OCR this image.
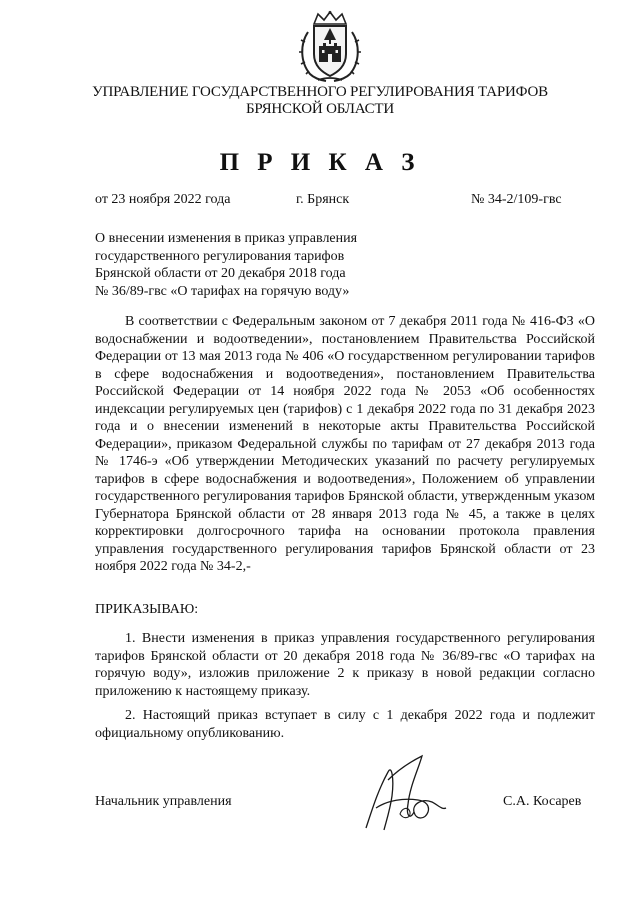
УПРАВЛЕНИЕ ГОСУДАРСТВЕННОГО РЕГУЛИРОВАНИЯ ТАРИФОВ
БРЯНСКОЙ ОБЛАСТИ
П Р И К А З
от 23 ноября 2022 года	г. Брянск	№ 34-2/109-гвс
О внесении изменения в приказ управления
государственного регулирования тарифов
Брянской области от 20 декабря 2018 года
№ 36/89-гвс «О тарифах на горячую воду»
В соответствии с Федеральным законом от 7 декабря 2011 года № 416-ФЗ «О водоснабжении и водоотведении», постановлением Правительства Российской Федерации от 13 мая 2013 года № 406 «О государственном регулировании тарифов в сфере водоснабжения и водоотведения», постановлением Правительства Российской Федерации от 14 ноября 2022 года № 2053 «Об особенностях индексации регулируемых цен (тарифов) с 1 декабря 2022 года по 31 декабря 2023 года и о внесении изменений в некоторые акты Правительства Российской Федерации», приказом Федеральной службы по тарифам от 27 декабря 2013 года № 1746-э «Об утверждении Методических указаний по расчету регулируемых тарифов в сфере водоснабжения и водоотведения», Положением об управлении государственного регулирования тарифов Брянской области, утвержденным указом Губернатора Брянской области от 28 января 2013 года № 45, а также в целях корректировки долгосрочного тарифа на основании протокола правления управления государственного регулирования тарифов Брянской области от 23 ноября 2022 года № 34-2,-
ПРИКАЗЫВАЮ:
1. Внести изменения в приказ управления государственного регулирования тарифов Брянской области от 20 декабря 2018 года № 36/89-гвс «О тарифах на горячую воду», изложив приложение 2 к приказу в новой редакции согласно приложению к настоящему приказу.
2. Настоящий приказ вступает в силу с 1 декабря 2022 года и подлежит официальному опубликованию.
Начальник управления	С.А. Косарев
